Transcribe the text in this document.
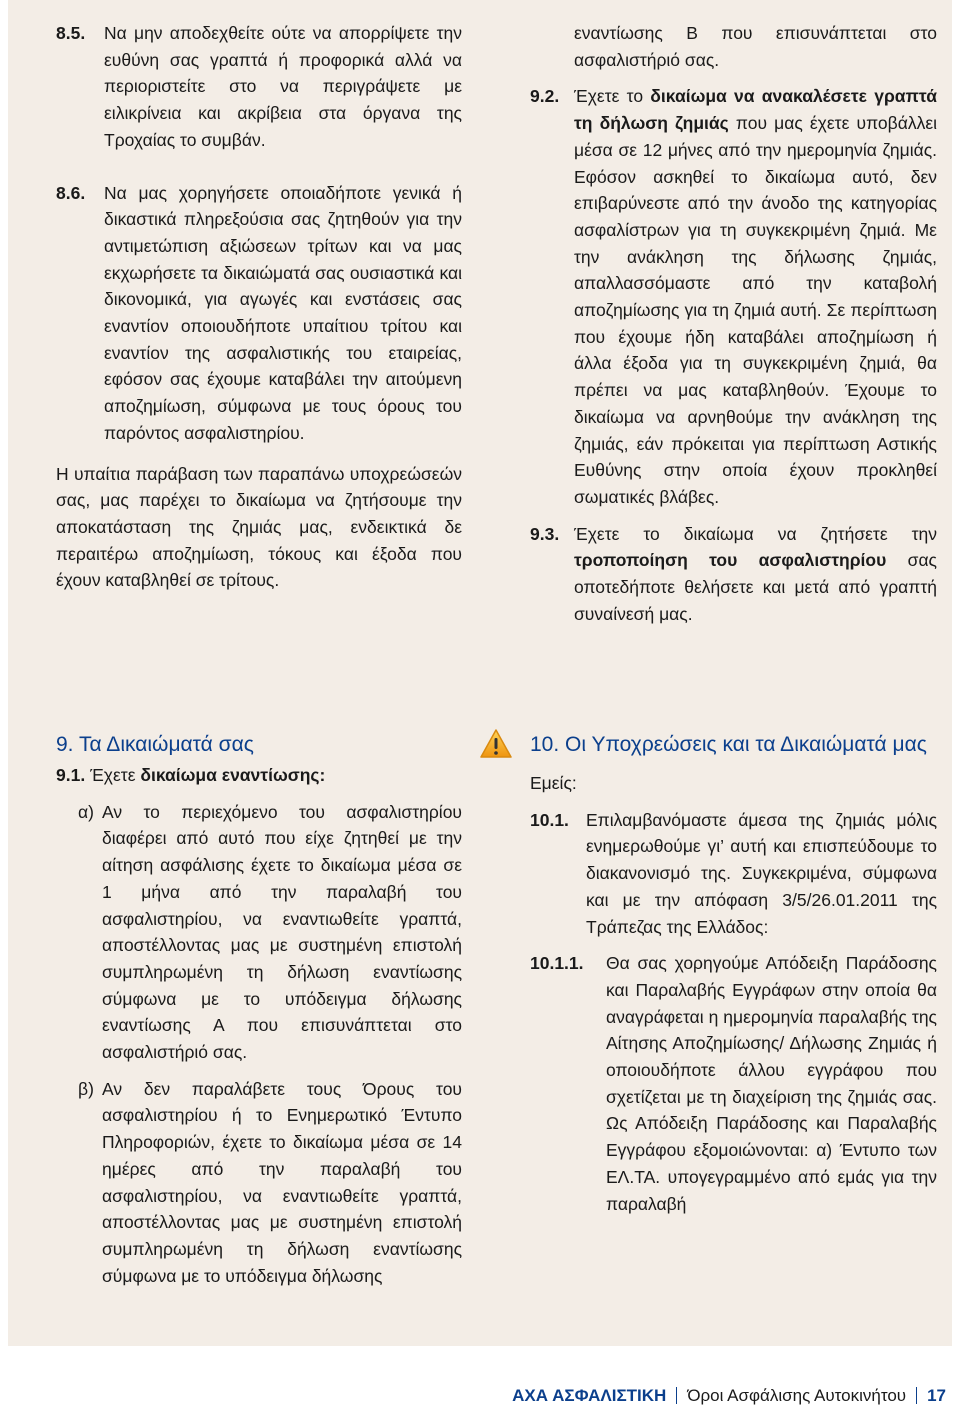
8.5.	Να μην αποδεχθείτε ούτε να απορρίψετε την ευθύνη σας γραπτά ή προφορικά αλλά να περιοριστείτε στο να περιγράψετε με ειλικρίνεια και ακρίβεια στα όργανα της Τροχαίας το συμβάν.
8.6.	Να μας χορηγήσετε οποιαδήποτε γενικά ή δικαστικά πληρεξούσια σας ζητηθούν για την αντιμετώπιση αξιώσεων τρίτων και να μας εκχωρήσετε τα δικαιώματά σας ουσιαστικά και δικονομικά, για αγωγές και ενστάσεις σας εναντίον οποιουδήποτε υπαίτιου τρίτου και εναντίον της ασφαλιστικής του εταιρείας, εφόσον σας έχουμε καταβάλει την αιτούμενη αποζημίωση, σύμφωνα με τους όρους του παρόντος ασφαλιστηρίου.

Η υπαίτια παράβαση των παραπάνω υποχρεώσεών σας, μας παρέχει το δικαίωμα να ζητήσουμε την αποκατάσταση της ζημιάς μας, ενδεικτικά δε περαιτέρω αποζημίωση, τόκους και έξοδα που έχουν καταβληθεί σε τρίτους.

εναντίωσης Β που επισυνάπτεται στο ασφαλιστήριό σας.

9.2. Έχετε το δικαίωμα να ανακαλέσετε γραπτά τη δήλωση ζημιάς που μας έχετε υποβάλλει μέσα σε 12 μήνες από την ημερομηνία ζημιάς. Εφόσον ασκηθεί το δικαίωμα αυτό, δεν επιβαρύνεστε από την άνοδο της κατηγορίας ασφαλίστρων για τη συγκεκριμένη ζημιά. Με την ανάκληση της δήλωσης ζημιάς, απαλλασσόμαστε από την καταβολή αποζημίωσης για τη ζημιά αυτή. Σε περίπτωση που έχουμε ήδη καταβάλει αποζημίωση ή άλλα έξοδα για τη συγκεκριμένη ζημιά, θα πρέπει να μας καταβληθούν. Έχουμε το δικαίωμα να αρνηθούμε την ανάκληση της ζημιάς, εάν πρόκειται για περίπτωση Αστικής Ευθύνης στην οποία έχουν προκληθεί σωματικές βλάβες.
9.3. Έχετε το δικαίωμα να ζητήσετε την τροποποίηση του ασφαλιστηρίου σας οποτεδήποτε θελήσετε και μετά από γραπτή συναίνεσή μας.
9. Τα Δικαιώματά σας
9.1. Έχετε δικαίωμα εναντίωσης:
α) Αν το περιεχόμενο του ασφαλιστηρίου διαφέρει από αυτό που είχε ζητηθεί με την αίτηση ασφάλισης έχετε το δικαίωμα μέσα σε 1 μήνα από την παραλαβή του ασφαλιστηρίου, να εναντιωθείτε γραπτά, αποστέλλοντας μας με συστημένη επιστολή συμπληρωμένη τη δήλωση εναντίωσης σύμφωνα με το υπόδειγμα δήλωσης εναντίωσης Α που επισυνάπτεται στο ασφαλιστήριό σας.
β) Αν δεν παραλάβετε τους Όρους του ασφαλιστηρίου ή το Ενημερωτικό Έντυπο Πληροφοριών, έχετε το δικαίωμα μέσα σε 14 ημέρες από την παραλαβή του ασφαλιστηρίου, να εναντιωθείτε γραπτά, αποστέλλοντας μας με συστημένη επιστολή συμπληρωμένη τη δήλωση εναντίωσης σύμφωνα με το υπόδειγμα δήλωσης
10. Οι Υποχρεώσεις και τα Δικαιώματά μας
Εμείς:
10.1. Επιλαμβανόμαστε άμεσα της ζημιάς μόλις ενημερωθούμε γι’ αυτή και επισπεύδουμε το διακανονισμό της. Συγκεκριμένα, σύμφωνα και με την απόφαση 3/5/26.01.2011 της Τράπεζας της Ελλάδος:
10.1.1.	Θα σας χορηγούμε Απόδειξη Παράδοσης και Παραλαβής Εγγράφων στην οποία θα αναγράφεται η ημερομηνία παραλαβής της Αίτησης Αποζημίωσης/ Δήλωσης Ζημιάς ή οποιουδήποτε άλλου εγγράφου που σχετίζεται με τη διαχείριση της ζημιάς σας. Ως Απόδειξη Παράδοσης και Παραλαβής Εγγράφου εξομοιώνονται: α) Έντυπο των ΕΛ.ΤΑ. υπογεγραμμένο από εμάς για την παραλαβή
ΑΧΑ ΑΣΦΑΛΙΣΤΙΚΗ Όροι Ασφάλισης Αυτοκινήτου 17
